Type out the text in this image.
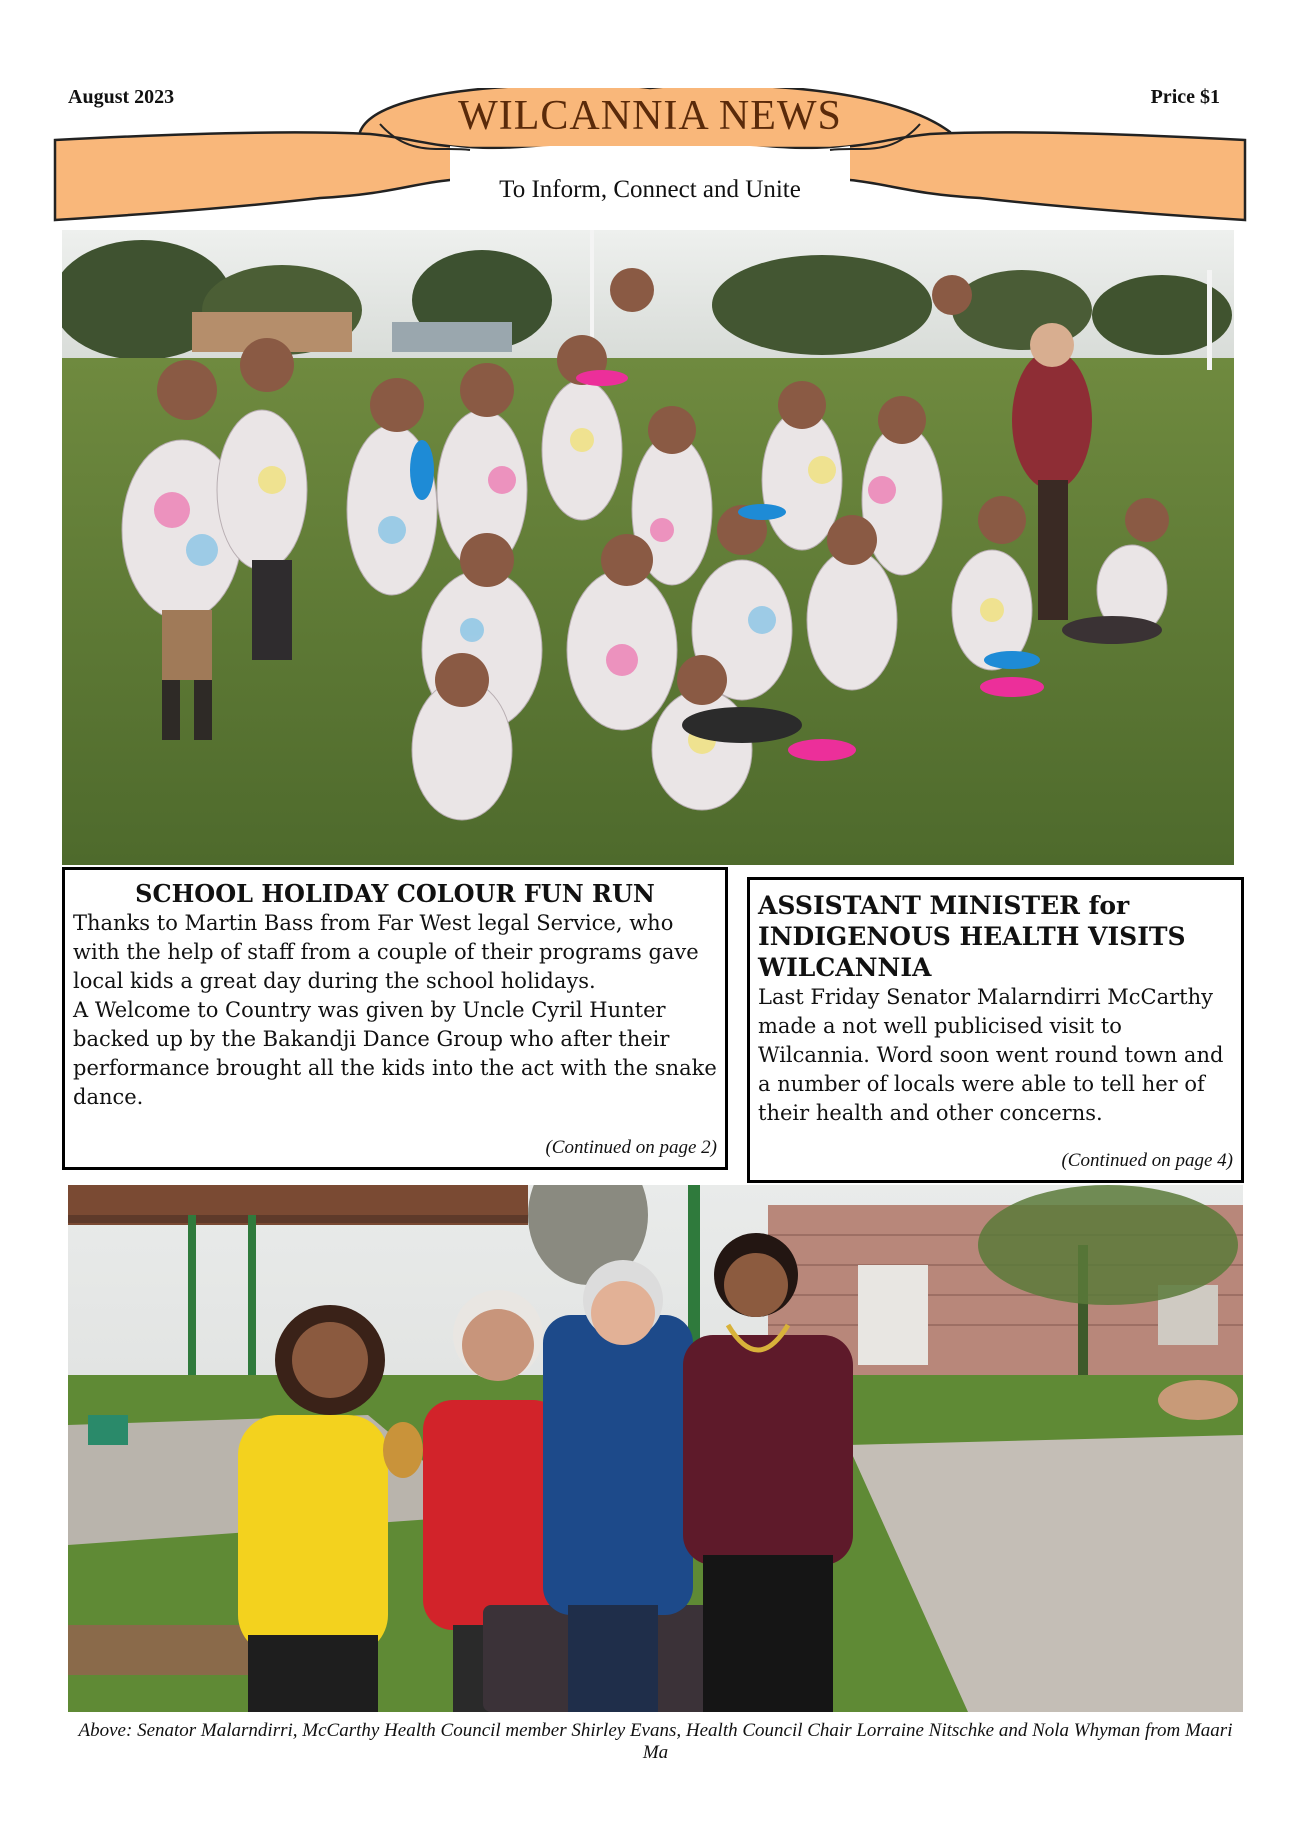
August 2023	Price $1
WILCANNIA NEWS
To Inform, Connect and Unite
SCHOOL HOLIDAY COLOUR FUN RUN
Thanks to Martin Bass from Far West legal Service, who with the help of staff from a couple of their programs gave local kids a great day during the school holidays.
A Welcome to Country was given by Uncle Cyril Hunter backed up by the Bakandji Dance Group who after their performance brought all the kids into the act with the snake dance.
(Continued on page 2)
ASSISTANT MINISTER for INDIGENOUS HEALTH VISITS WILCANNIA
Last Friday Senator Malarndirri McCarthy made a not well publicised visit to Wilcannia. Word soon went round town and a number of locals were able to tell her of their health and other concerns.
(Continued on page 4)
Above: Senator Malarndirri, McCarthy Health Council member Shirley Evans, Health Council Chair Lorraine Nitschke and Nola Whyman from Maari Ma
